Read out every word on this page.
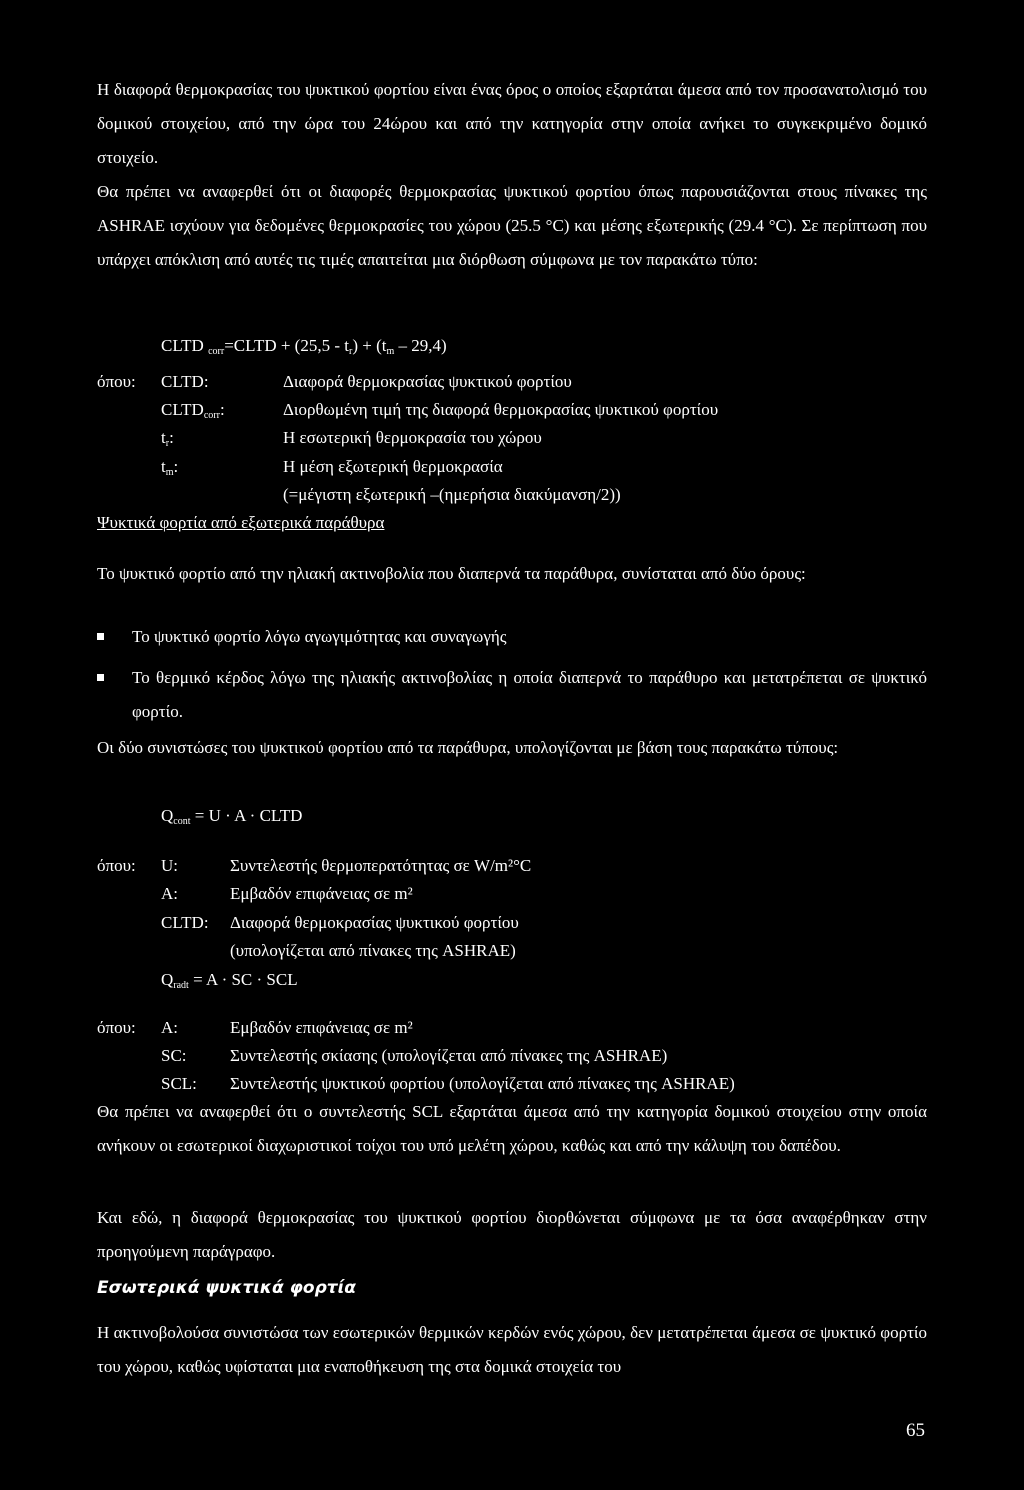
Η διαφορά θερμοκρασίας του ψυκτικού φορτίου είναι ένας όρος ο οποίος εξαρτάται άμεσα από τον προσανατολισμό του δομικού στοιχείου, από την ώρα του 24ώρου και από την κατηγορία στην οποία ανήκει το συγκεκριμένο δομικό στοιχείο.

Θα πρέπει να αναφερθεί ότι οι διαφορές θερμοκρασίας ψυκτικού φορτίου όπως παρουσιάζονται στους πίνακες της ASHRAE ισχύουν για δεδομένες θερμοκρασίες του χώρου (25.5 °C) και μέσης εξωτερικής (29.4 °C). Σε περίπτωση που υπάρχει απόκλιση από αυτές τις τιμές απαιτείται μια διόρθωση σύμφωνα με τον παρακάτω τύπο:

CLTD $_{corr}$=CLTD + $(25,5 - t_r) + (t_m - 29,4)$
όπου: CLTD:	Διαφορά θερμοκρασίας ψυκτικού φορτίου
$CLTD_{corr}$:	Διορθωμένη τιμή της διαφορά θερμοκρασίας ψυκτικού φορτίου
$t_r$:	Η εσωτερική θερμοκρασία του χώρου
$t_m$:	Η μέση εξωτερική θερμοκρασία
(=μέγιστη εξωτερική –(ημερήσια διακύμανση/2))
Ψυκτικά φορτία από εξωτερικά παράθυρα

Το ψυκτικό φορτίο από την ηλιακή ακτινοβολία που διαπερνά τα παράθυρα, συνίσταται από δύο όρους:

Το ψυκτικό φορτίο λόγω αγωγιμότητας και συναγωγής

Το θερμικό κέρδος λόγω της ηλιακής ακτινοβολίας η οποία διαπερνά το παράθυρο και μετατρέπεται σε ψυκτικό φορτίο.

Οι δύο συνιστώσες του ψυκτικού φορτίου από τα παράθυρα, υπολογίζονται με βάση τους παρακάτω τύπους:

$Q_{cont} = U \cdot A$ · CLTD
όπου: U:	Συντελεστής θερμοπερατότητας σε W/m²°C
A:	Εμβαδόν επιφάνειας σε m²
CLTD: Διαφορά θερμοκρασίας ψυκτικού φορτίου
(υπολογίζεται από πίνακες της ASHRAE)
$Q_{radt} = A$ · SC · SCL
όπου: A:	Εμβαδόν επιφάνειας σε m²
SC:	Συντελεστής σκίασης (υπολογίζεται από πίνακες της ASHRAE)
SCL: Συντελεστής ψυκτικού φορτίου (υπολογίζεται από πίνακες της ASHRAE)

Θα πρέπει να αναφερθεί ότι ο συντελεστής SCL εξαρτάται άμεσα από την κατηγορία δομικού στοιχείου στην οποία ανήκουν οι εσωτερικοί διαχωριστικοί τοίχοι του υπό μελέτη χώρου, καθώς και από την κάλυψη του δαπέδου.

Και εδώ, η διαφορά θερμοκρασίας του ψυκτικού φορτίου διορθώνεται σύμφωνα με τα όσα αναφέρθηκαν στην προηγούμενη παράγραφο.

Εσωτερικά ψυκτικά φορτία

Η ακτινοβολούσα συνιστώσα των εσωτερικών θερμικών κερδών ενός χώρου, δεν μετατρέπεται άμεσα σε ψυκτικό φορτίο του χώρου, καθώς υφίσταται μια εναποθήκευση της στα δομικά στοιχεία του

65
